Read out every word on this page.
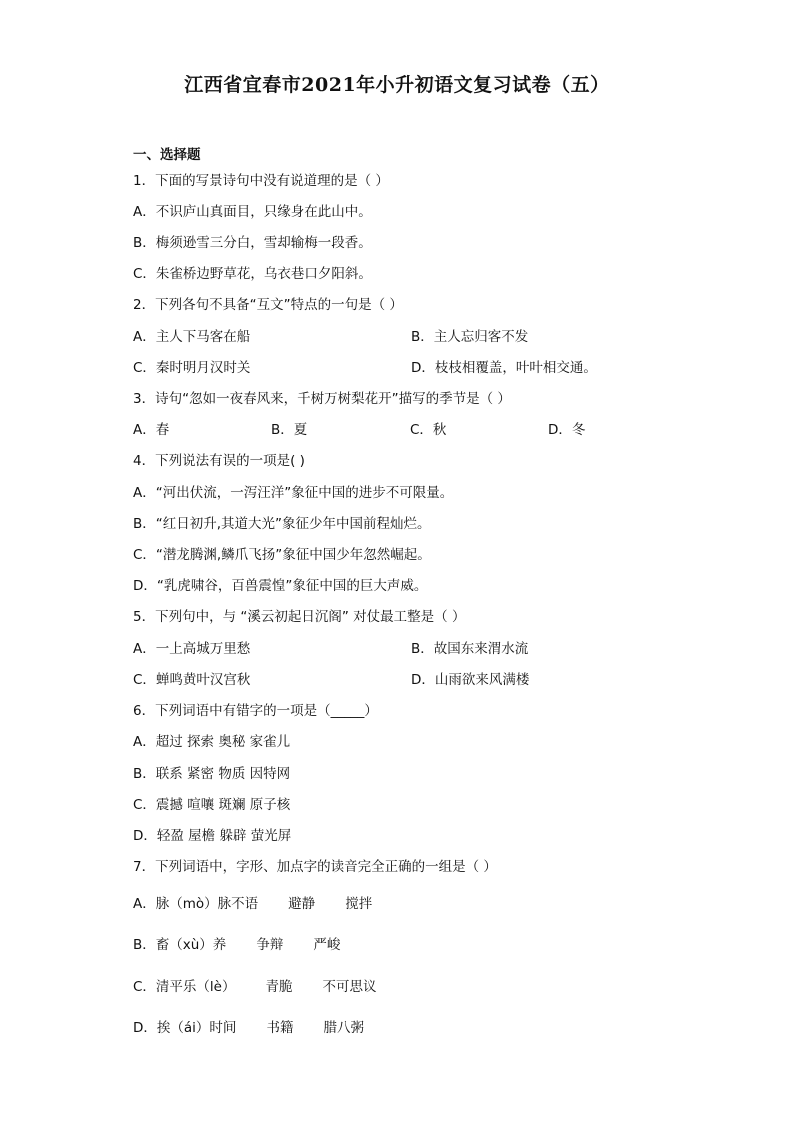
江西省宜春市2021年小升初语文复习试卷（五）
一、选择题
1．下面的写景诗句中没有说道理的是（ ）
A．不识庐山真面目，只缘身在此山中。
B．梅须逊雪三分白，雪却输梅一段香。
C．朱雀桥边野草花，乌衣巷口夕阳斜。
2．下列各句不具备“互文”特点的一句是（ ）
A．主人下马客在船	B．主人忘归客不发
C．秦时明月汉时关	D．枝枝相覆盖，叶叶相交通。
3．诗句“忽如一夜春风来，千树万树梨花开”描写的季节是（ ）
A．春	B．夏	C．秋	D．冬
4．下列说法有误的一项是( )
A．“河出伏流，一泻汪洋”象征中国的进步不可限量。
B．“红日初升,其道大光”象征少年中国前程灿烂。
C．“潜龙腾渊,鳞爪飞扬”象征中国少年忽然崛起。
D．“乳虎啸谷，百兽震惶”象征中国的巨大声威。
5．下列句中，与 “溪云初起日沉阁” 对仗最工整是（ ）
A．一上高城万里愁	B．故国东来渭水流
C．蝉鸣黄叶汉宫秋	D．山雨欲来风满楼
6．下列词语中有错字的一项是（_____）
A．超过 探索 奥秘 家雀儿
B．联系 紧密 物质 因特网
C．震撼 喧嚷 斑斓 原子核
D．轻盈 屋檐 躲辟 萤光屏
7．下列词语中，字形、加点字的读音完全正确的一组是（ ）
A．脉（mò）脉不语       避静       搅拌
B．畜（xù）养       争辩       严峻
C．清平乐（lè）       青脆       不可思议
D．挨（ái）时间       书籍       腊八粥
